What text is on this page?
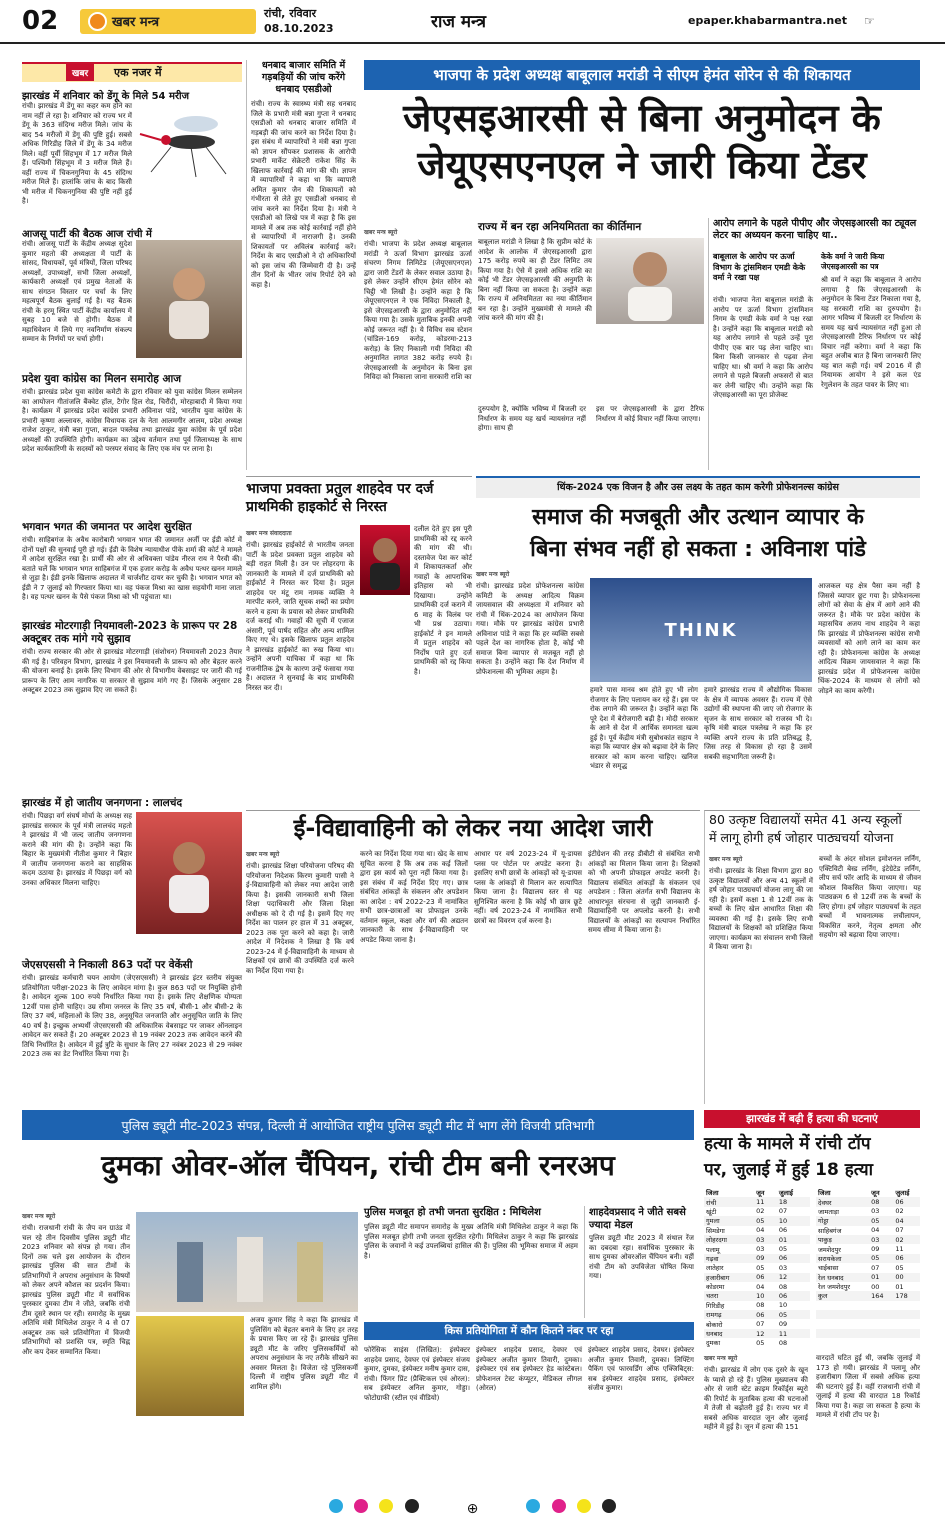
02	खबर मन्त्र
रांची, रविवार
08.10.2023	राज मन्त्र	epaper.khabarmantra.net ☞
खबर	एक नजर में
झारखंड में शनिवार को डेंगू के मिले 54 मरीज
रांची। झारखंड में डेंगू का कहर कम होने का नाम नहीं ले रहा है। शनिवार को राज्य भर में डेंगू के 363 संदिग्ध मरीज मिले। जांच के बाद 54 मरीजों में डेंगू की पुष्टि हुई। सबसे अधिक गिरिडीह जिले में डेंगू के 34 मरीज मिले। वहीं पूर्वी सिंहभूम में 17 मरीज मिले हैं। पश्चिमी सिंहभूम में 3 मरीज मिले हैं। वहीं राज्य में चिकनगुनिया के 45 संदिग्ध मरीज मिले हैं। हालांकि जांच के बाद किसी भी मरीज में चिकनगुनिया की पुष्टि नहीं हुई है।
आजसू पार्टी की बैठक आज रांची में
रांची। आजसू पार्टी के केंद्रीय अध्यक्ष सुदेश कुमार महतो की अध्यक्षता में पार्टी के सांसद, विधायकों, पूर्व मंत्रियों, जिला परिषद अध्यक्षों, उपाध्यक्षों, सभी जिला अध्यक्षों, कार्यकारी अध्यक्षों एवं प्रमुख नेताओं के साथ संगठन विस्तार पर चर्चा के लिए महत्वपूर्ण बैठक बुलाई गई है। यह बैठक रांची के हरमू स्थित पार्टी केंद्रीय कार्यालय में सुबह 10 बजे से होगी। बैठक में महाधिवेशन में लिये गए नवनिर्माण संकल्प सम्मान के निर्णयों पर चर्चा होगी।
प्रदेश युवा कांग्रेस का मिलन समारोह आज
रांची। झारखंड प्रदेश युवा कांग्रेस कमेटी के द्वारा रविवार को युवा कांग्रेस मिलन सम्मेलन का आयोजन गीतांजलि बैंक्वेट हॉल, टैगोर हिल रोड, चिरौंदी, मोरहाबादी में किया गया है। कार्यक्रम में झारखंड प्रदेश कांग्रेस प्रभारी अविनाश पांडे, भारतीय युवा कांग्रेस के प्रभारी कृष्णा अल्लावरु, कांग्रेस विधायक दल के नेता आलमगीर आलम, प्रदेश अध्यक्ष राजेश ठाकुर, मंत्री बन्ना गुप्ता, बादल पत्रलेख तथा झारखंड युवा कांग्रेस के पूर्व प्रदेश अध्यक्षों की उपस्थिति होगी। कार्यक्रम का उद्देश्य वर्तमान तथा पूर्व जिलाध्यक्ष के साथ प्रदेश कार्यकारिणी के सदस्यों को परस्पर संवाद के लिए एक मंच पर लाना है।
भगवान भगत की जमानत पर आदेश सुरक्षित
रांची। साहिबगंज के अवैध कारोबारी भगवान भगत की जमानत अर्जी पर ईडी कोर्ट में दोनों पक्षों की सुनवाई पूरी हो गई। ईडी के विशेष न्यायाधीश पीके शर्मा की कोर्ट ने मामले में आदेश सुरक्षित रखा है। प्रार्थी की ओर से अधिवक्ता पांडेय नीरज राय ने पैरवी की। बताते चलें कि भगवान भगत साहिबगंज में एक हजार करोड़ के अवैध पत्थर खनन मामले से जुड़ा है। ईडी इनके खिलाफ अदालत में चार्जशीट दायर कर चुकी है। भगवान भगत को ईडी ने 7 जुलाई को गिरफ्तार किया था। वह पंकज मिश्रा का खास सहयोगी माना जाता है। वह पत्थर खनन के पैसे पंकज मिश्रा को भी पहुंचाता था।
झारखंड मोटरगाड़ी नियमावली-2023 के प्रारूप पर 28 अक्टूबर तक मांगे गये सुझाव
रांची। राज्य सरकार की ओर से झारखंड मोटरगाड़ी (संशोधन) नियमावली 2023 तैयार की गई है। परिवहन विभाग, झारखंड ने इस नियमावली के प्रारूप को और बेहतर करने की योजना बनाई है। इसके लिए विभाग की ओर से विभागीय वेबसाइट पर जारी की गई प्रारूप के लिए आम नागरिक या सरकार से सुझाव मांगे गए हैं। जिसके अनुसार 28 अक्टूबर 2023 तक सुझाव दिए जा सकते हैं।
झारखंड में हो जातीय जनगणना : लालचंद
रांची। पिछड़ा वर्ग संघर्ष मोर्चा के अध्यक्ष सह झारखंड सरकार के पूर्व मंत्री लालचंद महतो ने झारखंड में भी जल्द जातीय जनगणना कराने की मांग की है। उन्होंने कहा कि बिहार के मुख्यमंत्री नीतीश कुमार ने बिहार में जातीय जनगणना कराने का साहसिक कदम उठाया है। झारखंड में पिछड़ा वर्ग को उनका अधिकार मिलना चाहिए।
जेएसएससी ने निकाली 863 पदों पर वेकेंसी
रांची। झारखंड कर्मचारी चयन आयोग (जेएसएससी) ने झारखंड इंटर स्तरीय संयुक्त प्रतियोगिता परीक्षा-2023 के लिए आवेदन मांगा है। कुल 863 पदों पर नियुक्ति होनी है। आवेदन शुल्क 100 रुपये निर्धारित किया गया है। इसके लिए शैक्षणिक योग्यता 12वीं पास होनी चाहिए। उम्र सीमा जनरल के लिए 35 वर्ष, बीसी-1 और बीसी-2 के लिए 37 वर्ष, महिलाओं के लिए 38, अनुसूचित जनजाति और अनुसूचित जाति के लिए 40 वर्ष है। इच्छुक अभ्यर्थी जेएसएससी की अधिकारिक वेबसाइट पर जाकर ऑनलाइन आवेदन कर सकते हैं। 20 अक्टूबर 2023 से 19 नवंबर 2023 तक आवेदन करने की तिथि निर्धारित है। आवेदन में हुई त्रुटि के सुधार के लिए 27 नवंबर 2023 से 29 नवंबर 2023 तक का डेट निर्धारित किया गया है।
धनबाद बाजार समिति में गड़बड़ियों की जांच करेंगे धनबाद एसडीओ
रांची। राज्य के स्वास्थ्य मंत्री सह धनबाद जिले के प्रभारी मंत्री बन्ना गुप्ता ने धनबाद एसडीओ को धनबाद बाजार समिति में गड़बड़ी की जांच करने का निर्देश दिया है। इस संबंध में व्यापारियों ने मंत्री बन्ना गुप्ता को ज्ञापन सौंपकर प्रशासक के आरोपी प्रभारी मार्केट सेक्रेटरी राकेश सिंह के खिलाफ कार्रवाई की मांग की थी। ज्ञापन में व्यापारियों ने कहा था कि व्यापारी अमित कुमार जैन की शिकायतों को गंभीरता से लेते हुए एसडीओ धनबाद से जांच करने का निर्देश दिया है। मंत्री ने एसडीओ को लिखे पत्र में कहा है कि इस मामले में अब तक कोई कार्रवाई नहीं होने से व्यापारियों में नाराजगी है। उनकी शिकायतों पर अविलंब कार्रवाई करें। निर्देश के बाद एसडीओ ने दो अधिकारियों को इस जांच की जिम्मेवारी दी है। उन्हें तीन दिनों के भीतर जांच रिपोर्ट देने को कहा है।
भाजपा के प्रदेश अध्यक्ष बाबूलाल मरांडी ने सीएम हेमंत सोरेन से की शिकायत
जेएसइआरसी से बिना अनुमोदन के
जेयूएसएनएल ने जारी किया टेंडर
खबर मन्त्र ब्यूरो
रांची। भाजपा के प्रदेश अध्यक्ष बाबूलाल मरांडी ने ऊर्जा विभाग झारखंड ऊर्जा संचरण निगम लिमिटेड (जेयूएसएनएल) द्वारा जारी टेंडरों के लेकर सवाल उठाया है। इसे लेकर उन्होंने सीएम हेमंत सोरेन को चिट्ठी भी लिखी है। उन्होंने कहा है कि जेयूएसएनएल ने एक निविदा निकाली है, इसे जेएसइआरसी के द्वारा अनुमोदित नहीं किया गया है। उसके मुताबिक इनकी अपनी कोई जरूरत नहीं है। ये विविध सब स्टेशन (चांडिल-169 करोड़, कोडरमा-213 करोड़) के लिए निकाली गयी निविदा की अनुमानित लागत 382 करोड़ रुपये है। जेएसइआरसी के अनुमोदन के बिना इस निविदा को निकाला जाना सरकारी राशि का
राज्य में बन रहा अनियमितता का कीर्तिमान
बाबूलाल मरांडी ने लिखा है कि सुप्रीम कोर्ट के आदेश के आलोक में जेएसइआरसी द्वारा 175 करोड़ रुपये का ही टेंडर लिमिट तय किया गया है। ऐसे में इससे अधिक राशि का कोई भी टेंडर जेएसइआरसी की अनुमति के बिना नहीं किया जा सकता है। उन्होंने कहा कि राज्य में अनियमितता का नया कीर्तिमान बन रहा है। उन्होंने मुख्यमंत्री से मामले की जांच करने की मांग की है।
दुरुपयोग है, क्योंकि भविष्य में बिजली दर निर्धारण के समय यह खर्च न्यायसंगत नहीं होगा। साथ ही
इस पर जेएसइआरसी के द्वारा टैरिफ निर्धारण में कोई विचार नहीं किया जाएगा।
आरोप लगाने के पहले पीपीए और जेएसइआरसी का ट्यूवल लेटर का अध्ययन करना चाहिए था..
बाबूलाल के आरोप पर ऊर्जा विभाग के ट्रांसमिशन एमडी केके वर्मा ने रखा पक्ष
रांची। भाजपा नेता बाबूलाल मरांडी के आरोप पर ऊर्जा विभाग ट्रांसमिशन निगम के एमडी केके वर्मा ने पक्ष रखा है। उन्होंने कहा कि बाबूलाल मरांडी को यह आरोप लगाने से पहले उन्हें पूरा पीपीए एक बार पढ़ लेना चाहिए था। बिना किसी जानकार से पढ़वा लेना चाहिए था। श्री वर्मा ने कहा कि आरोप लगाने से पहले बिजली अफसरों से बात कर लेनी चाहिए थी। उन्होंने कहा कि जेएसइआरसी का पूरा प्रोजेक्ट
केके वर्मा ने जारी किया जेएसइआरसी का पत्र
श्री वर्मा ने कहा कि बाबूलाल ने आरोप लगाया है कि जेएसइआरसी के अनुमोदन के बिना टेंडर निकाला गया है, यह सरकारी राशि का दुरुपयोग है। आगर भविष्य में बिजली दर निर्धारण के समय यह खर्च न्यायसंगत नहीं हुआ तो जेएसइआरसी टैरिफ निर्धारण पर कोई विचार नहीं करेगा। वर्मा ने कहा कि बहुत अजीब बात है बिना जानकारी लिए यह बात कही गई। वर्ष 2016 में ही नियामक आयोग ने इसे कल एंड रेगुलेशन के तहत पावर के लिए था।
भाजपा प्रवक्ता प्रतुल शाहदेव पर दर्ज प्राथमिकी हाइकोर्ट से निरस्त
खबर मन्त्र संवाददाता
रांची। झारखंड हाईकोर्ट से भारतीय जनता पार्टी के प्रदेश प्रवक्ता प्रतुल शाहदेव को बड़ी राहत मिली है। उन पर लोहरदगा के जानकारी के मामले में दर्ज प्राथमिकी को हाईकोर्ट ने निरस्त कर दिया है। प्रतुल शाहदेव पर मंटू राम नामक व्यक्ति ने मारपीट करने, जाति सूचक शब्दों का प्रयोग करने व हत्या के प्रयास को लेकर प्राथमिकी दर्ज कराई थी। गवाहों की सूची में एजाज अंसारी, पूर्व पार्षद सहित और अन्य शामिल किए गए थे। इसके खिलाफ प्रतुल शाहदेव ने झारखंड हाईकोर्ट का रुख किया था। उन्होंने अपनी याचिका में कहा था कि राजनीतिक द्वेष के कारण उन्हें फंसाया गया है। अदालत ने सुनवाई के बाद प्राथमिकी निरस्त कर दी।
दलील देते हुए इस पूरी प्राथमिकी को रद्द करने की मांग की थी। दस्तावेज पेश कर कोर्ट में शिकायतकर्ता और गवाहों के आपराधिक इतिहास को भी दिखाया। उन्होंने प्राथमिकी दर्ज कराने में 6 माह के विलंब पर भी प्रश्न उठाया। हाईकोर्ट ने इन मामले में प्रतुल शाहदेव को निर्दोष पाते हुए दर्ज प्राथमिकी को रद्द किया है।
थिंक-2024 एक विजन है और उस लक्ष्य के तहत काम करेगी प्रोफेशनल्स कांग्रेस
समाज की मजबूती और उत्थान व्यापार के
बिना संभव नहीं हो सकता : अविनाश पांडे
खबर मन्त्र ब्यूरो
रांची। झारखंड प्रदेश प्रोफेशनल्स कांग्रेस कमिटी के अध्यक्ष आदित्य विक्रम जायसवाल की अध्यक्षता में शनिवार को रांची में थिंक-2024 का आयोजन किया गया। मौके पर झारखंड कांग्रेस प्रभारी अविनाश पांडे ने कहा कि हर व्यक्ति सबसे पहले देश का नागरिक होता है, कोई भी समाज बिना व्यापार से मजबूत नहीं हो सकता है। उन्होंने कहा कि देश निर्माण में प्रोफेशनल्स की भूमिका अहम है।
THINK
हमारे पास मानव श्रम होते हुए भी लोग रोजगार के लिए पलायन कर रहे हैं। इस पर रोक लगाने की जरूरत है। उन्होंने कहा कि पूरे देश में बेरोजगारी बढ़ी है। मोदी सरकार के आने से देश में आर्थिक समानता खत्म हुई है। पूर्व केंद्रीय मंत्री सुबोधकांत सहाय ने कहा कि व्यापार क्षेत्र को बढ़ावा देने के लिए सरकार को काम करना चाहिए। खनिज भंडार से समृद्ध
हमारे झारखंड राज्य में औद्योगिक विकास के क्षेत्र में व्यापक अवसर हैं। राज्य में ऐसे उद्योगों की स्थापना की जाए जो रोजगार के सृजन के साथ सरकार को राजस्व भी दे। कृषि मंत्री बादल पत्रलेख ने कहा कि हर व्यक्ति अपने राज्य के प्रति प्रतिबद्ध है, जिस तरह से विकास हो रहा है उसमें सबकी सहभागिता जरूरी है।
आजकल यह क्षेत्र पैसा कम नहीं है जिससे व्यापार छूट गया है। प्रोफेशनल्स लोगों को सेवा के क्षेत्र में आगे आने की जरूरत है। मौके पर प्रदेश कांग्रेस के महासचिव अजय नाथ शाहदेव ने कहा कि झारखंड में प्रोफेशनल्स कांग्रेस सभी व्यवसायों को आगे लाने का काम कर रही है। प्रोफेशनल्स कांग्रेस के अध्यक्ष आदित्य विक्रम जायसवाल ने कहा कि झारखंड प्रदेश में प्रोफेशनल्स कांग्रेस थिंक-2024 के माध्यम से लोगों को जोड़ने का काम करेगी।
ई-विद्यावाहिनी को लेकर नया आदेश जारी
खबर मन्त्र ब्यूरो
रांची। झारखंड शिक्षा परियोजना परिषद की परियोजना निदेशक किरण कुमारी पासी ने ई-विद्यावाहिनी को लेकर नया आदेश जारी किया है। इसकी जानकारी सभी जिला शिक्षा पदाधिकारी और जिला शिक्षा अधीक्षक को दे दी गई है। इसमें दिए गए निर्देश का पालन हर हाल में 31 अक्टूबर, 2023 तक पूरा करने को कहा है। जारी आदेश में निदेशक ने लिखा है कि वर्ष 2023-24 में ई-विद्यावाहिनी के माध्यम से शिक्षकों एवं छात्रों की उपस्थिति दर्ज करने का निर्देश दिया गया है।
करने का निर्देश दिया गया था। खेद के साथ सूचित करना है कि अब तक कई जिलों द्वारा इस कार्य को पूरा नहीं किया गया है। इस संबंध में कई निर्देश दिए गए। छात्र संबंधित आंकड़ों के संकलन और अपडेशन का आदेश : वर्ष 2022-23 में नामांकित सभी छात्र-छात्राओं का प्रोफाइल उनके वर्तमान स्कूल, कक्षा और वर्ग की अद्यतन जानकारी के साथ ई-विद्यावाहिनी पर अपडेट किया जाना है।
आधार पर वर्ष 2023-24 में यू-डायस प्लस पर पोर्टल पर अपडेट करना है। इसलिए सभी छात्रों के आंकड़ों को यू-डायस प्लस के आंकड़ों से मिलान कर सत्यापित किया जाना है। विद्यालय स्तर से यह सुनिश्चित करना है कि कोई भी छात्र छूटे नहीं। वर्ष 2023-24 में नामांकित सभी छात्रों का विवरण दर्ज करना है।
इंटीग्रेशन की तरह डीबीटी से संबंधित सभी आंकड़ों का मिलान किया जाना है। शिक्षकों को भी अपनी प्रोफाइल अपडेट करनी है। विद्यालय संबंधित आंकड़ों के संकलन एवं अपडेशन : जिला अंतर्गत सभी विद्यालय के आधारभूत संरचना से जुड़ी जानकारी ई-विद्यावाहिनी पर अपलोड करनी है। सभी विद्यालयों के आंकड़ों का सत्यापन निर्धारित समय सीमा में किया जाना है।
80 उत्कृष्ट विद्यालयों समेत 41 अन्य स्कूलों
में लागू होगी हर्ष जोहार पाठ्यचर्या योजना
खबर मन्त्र ब्यूरो
रांची। झारखंड के शिक्षा विभाग द्वारा 80 उत्कृष्ट विद्यालयों और अन्य 41 स्कूलों में हर्ष जोहार पाठ्यचर्या योजना लागू की जा रही है। इसमें कक्षा 1 से 12वीं तक के बच्चों के लिए खेल आधारित शिक्षा की व्यवस्था की गई है। इसके लिए सभी विद्यालयों के शिक्षकों को प्रशिक्षित किया जाएगा। कार्यक्रम का संचालन सभी जिलों में किया जाना है।
बच्चों के अंदर सोशल इमोशनल लर्निंग, एक्टिविटी बेस्ड लर्निंग, इंटेग्रेटेड लर्निंग, लीप सर्च फॉर आदि के माध्यम से जीवन कौशल विकसित किया जाएगा। यह पाठ्यक्रम 6 से 12वीं तक के बच्चों के लिए होगा। हर्ष जोहार पाठ्यचर्या के तहत बच्चों में भावनात्मक लचीलापन, विकसित करने, नेतृत्व क्षमता और सहयोग को बढ़ावा दिया जाएगा।
पुलिस ड्यूटी मीट-2023 संपन्न, दिल्ली में आयोजित राष्ट्रीय पुलिस ड्यूटी मीट में भाग लेंगे विजयी प्रतिभागी
दुमका ओवर-ऑल चैंपियन, रांची टीम बनी रनरअप
खबर मन्त्र ब्यूरो
रांची। राजधानी रांची के जैप वन ग्राउंड में चल रहे तीन दिवसीय पुलिस ड्यूटी मीट 2023 शनिवार को संपन्न हो गया। तीन दिनों तक चले इस आयोजन के दौरान झारखंड पुलिस की सात टीमों के प्रतिभागियों ने अपराध अनुसंधान के विषयों को लेकर अपने कौशल का प्रदर्शन किया। झारखंड पुलिस ड्यूटी मीट में सर्वाधिक पुरस्कार दुमका टीम ने जीते, जबकि रांची टीम दूसरे स्थान पर रही। समारोह के मुख्य अतिथि मंत्री मिथिलेश ठाकुर ने 4 से 07 अक्टूबर तक चले प्रतियोगिता में विजयी प्रतिभागियों को प्रशस्ति पत्र, स्मृति चिह्न और कप देकर सम्मानित किया।
अजय कुमार सिंह ने कहा कि झारखंड में पुलिसिंग को बेहतर बनाने के लिए हर तरह के प्रयास किए जा रहे हैं। झारखंड पुलिस ड्यूटी मीट के जरिए पुलिसकर्मियों को अपराध अनुसंधान के नए तरीके सीखने का अवसर मिलता है। विजेता रहे पुलिसकर्मी दिल्ली में राष्ट्रीय पुलिस ड्यूटी मीट में शामिल होंगे।
पुलिस मजबूत हो तभी जनता सुरक्षित : मिथिलेश
पुलिस ड्यूटी मीट समापन समारोह के मुख्य अतिथि मंत्री मिथिलेश ठाकुर ने कहा कि पुलिस मजबूत होगी तभी जनता सुरक्षित रहेगी। मिथिलेश ठाकुर ने कहा कि झारखंड पुलिस के जवानों ने कई उपलब्धियां हासिल की हैं। पुलिस की भूमिका समाज में अहम है।
शाहदेवप्रसाद ने जीते सबसे ज्यादा मेडल
पुलिस ड्यूटी मीट 2023 में संथाल रेंज का दबदबा रहा। सर्वाधिक पुरस्कार के साथ दुमका ओवरऑल चैंपियन बनी। वहीं रांची टीम को उपविजेता घोषित किया गया।
किस प्रतियोगिता में कौन कितने नंबर पर रहा
फोरेंसिक साइंस (लिखित): इंस्पेक्टर शाहदेव प्रसाद, देवघर एवं इंस्पेक्टर संजय कुमार, दुमका, इंस्पेक्टर मनीष कुमार दास, रांची। फिंगर प्रिंट (प्रैक्टिकल एवं ओरल): सब इंस्पेक्टर अनिल कुमार, गोड्डा। फोटोग्राफी (स्टील एवं वीडियो)
इंस्पेक्टर शाहदेव प्रसाद, देवघर एवं इंस्पेक्टर अजीत कुमार तिवारी, दुमका। इंस्पेक्टर एवं सब इंस्पेक्टर हेड कांस्टेबल। प्रोफेशनल टेस्ट कंप्यूटर, मेडिकल लीगल (ओरल)
इंस्पेक्टर शाहदेव प्रसाद, देवघर। इंस्पेक्टर अजीत कुमार तिवारी, दुमका। लिफ्टिंग पैकिंग एवं फारवर्डिंग ऑफ एक्जिबिट्स: सब इंस्पेक्टर शाहदेव प्रसाद, इंस्पेक्टर संजीव कुमार।
झारखंड में बढ़ी हैं हत्या की घटनाएं
हत्या के मामले में रांची टॉप
पर, जुलाई में हुई 18 हत्या
जिला	जून	जुलाई
रांची	11	18
खूंटी	02	07
गुमला	05	10
सिमडेगा	04	06
लोहरदगा	03	01
पलामू	03	05
गढ़वा	09	06
लातेहार	05	03
हजारीबाग	06	12
कोडरमा	04	08
चतरा	10	06
गिरिडीह	08	10
रामगढ़	06	05
बोकारो	07	09
धनबाद	12	11
दुमका	05	08
जिला	जून	जुलाई
देवघर	08	06
जामताड़ा	03	02
गोड्डा	05	04
साहिबगंज	04	07
पाकुड़	03	02
जमशेदपुर	09	11
सरायकेला	05	06
चाईबासा	07	05
रेल धनबाद	01	00
रेल जमशेदपुर	00	01
कुल	164	178

खबर मन्त्र ब्यूरो
रांची। झारखंड में लोग एक दूसरे के खून के प्यासे हो रहे हैं। पुलिस मुख्यालय की ओर से जारी स्टेट क्राइम रिकॉर्ड्स ब्यूरो की रिपोर्ट के मुताबिक हत्या की घटनाओं में तेजी से बढ़ोतरी हुई है। राज्य भर में सबसे अधिक वारदात जून और जुलाई महीने में हुई है। जून में हत्या की 151
वारदातें घटित हुई थी, जबकि जुलाई में 173 हो गयी। झारखंड में पलामू और हजारीबाग जिला में सबसे अधिक हत्या की घटनाएं हुई हैं। वहीं राजधानी रांची में जुलाई में हत्या की वारदात 18 रिकॉर्ड किया गया है। कहा जा सकता है हत्या के मामले में रांची टॉप पर है।
⊕
